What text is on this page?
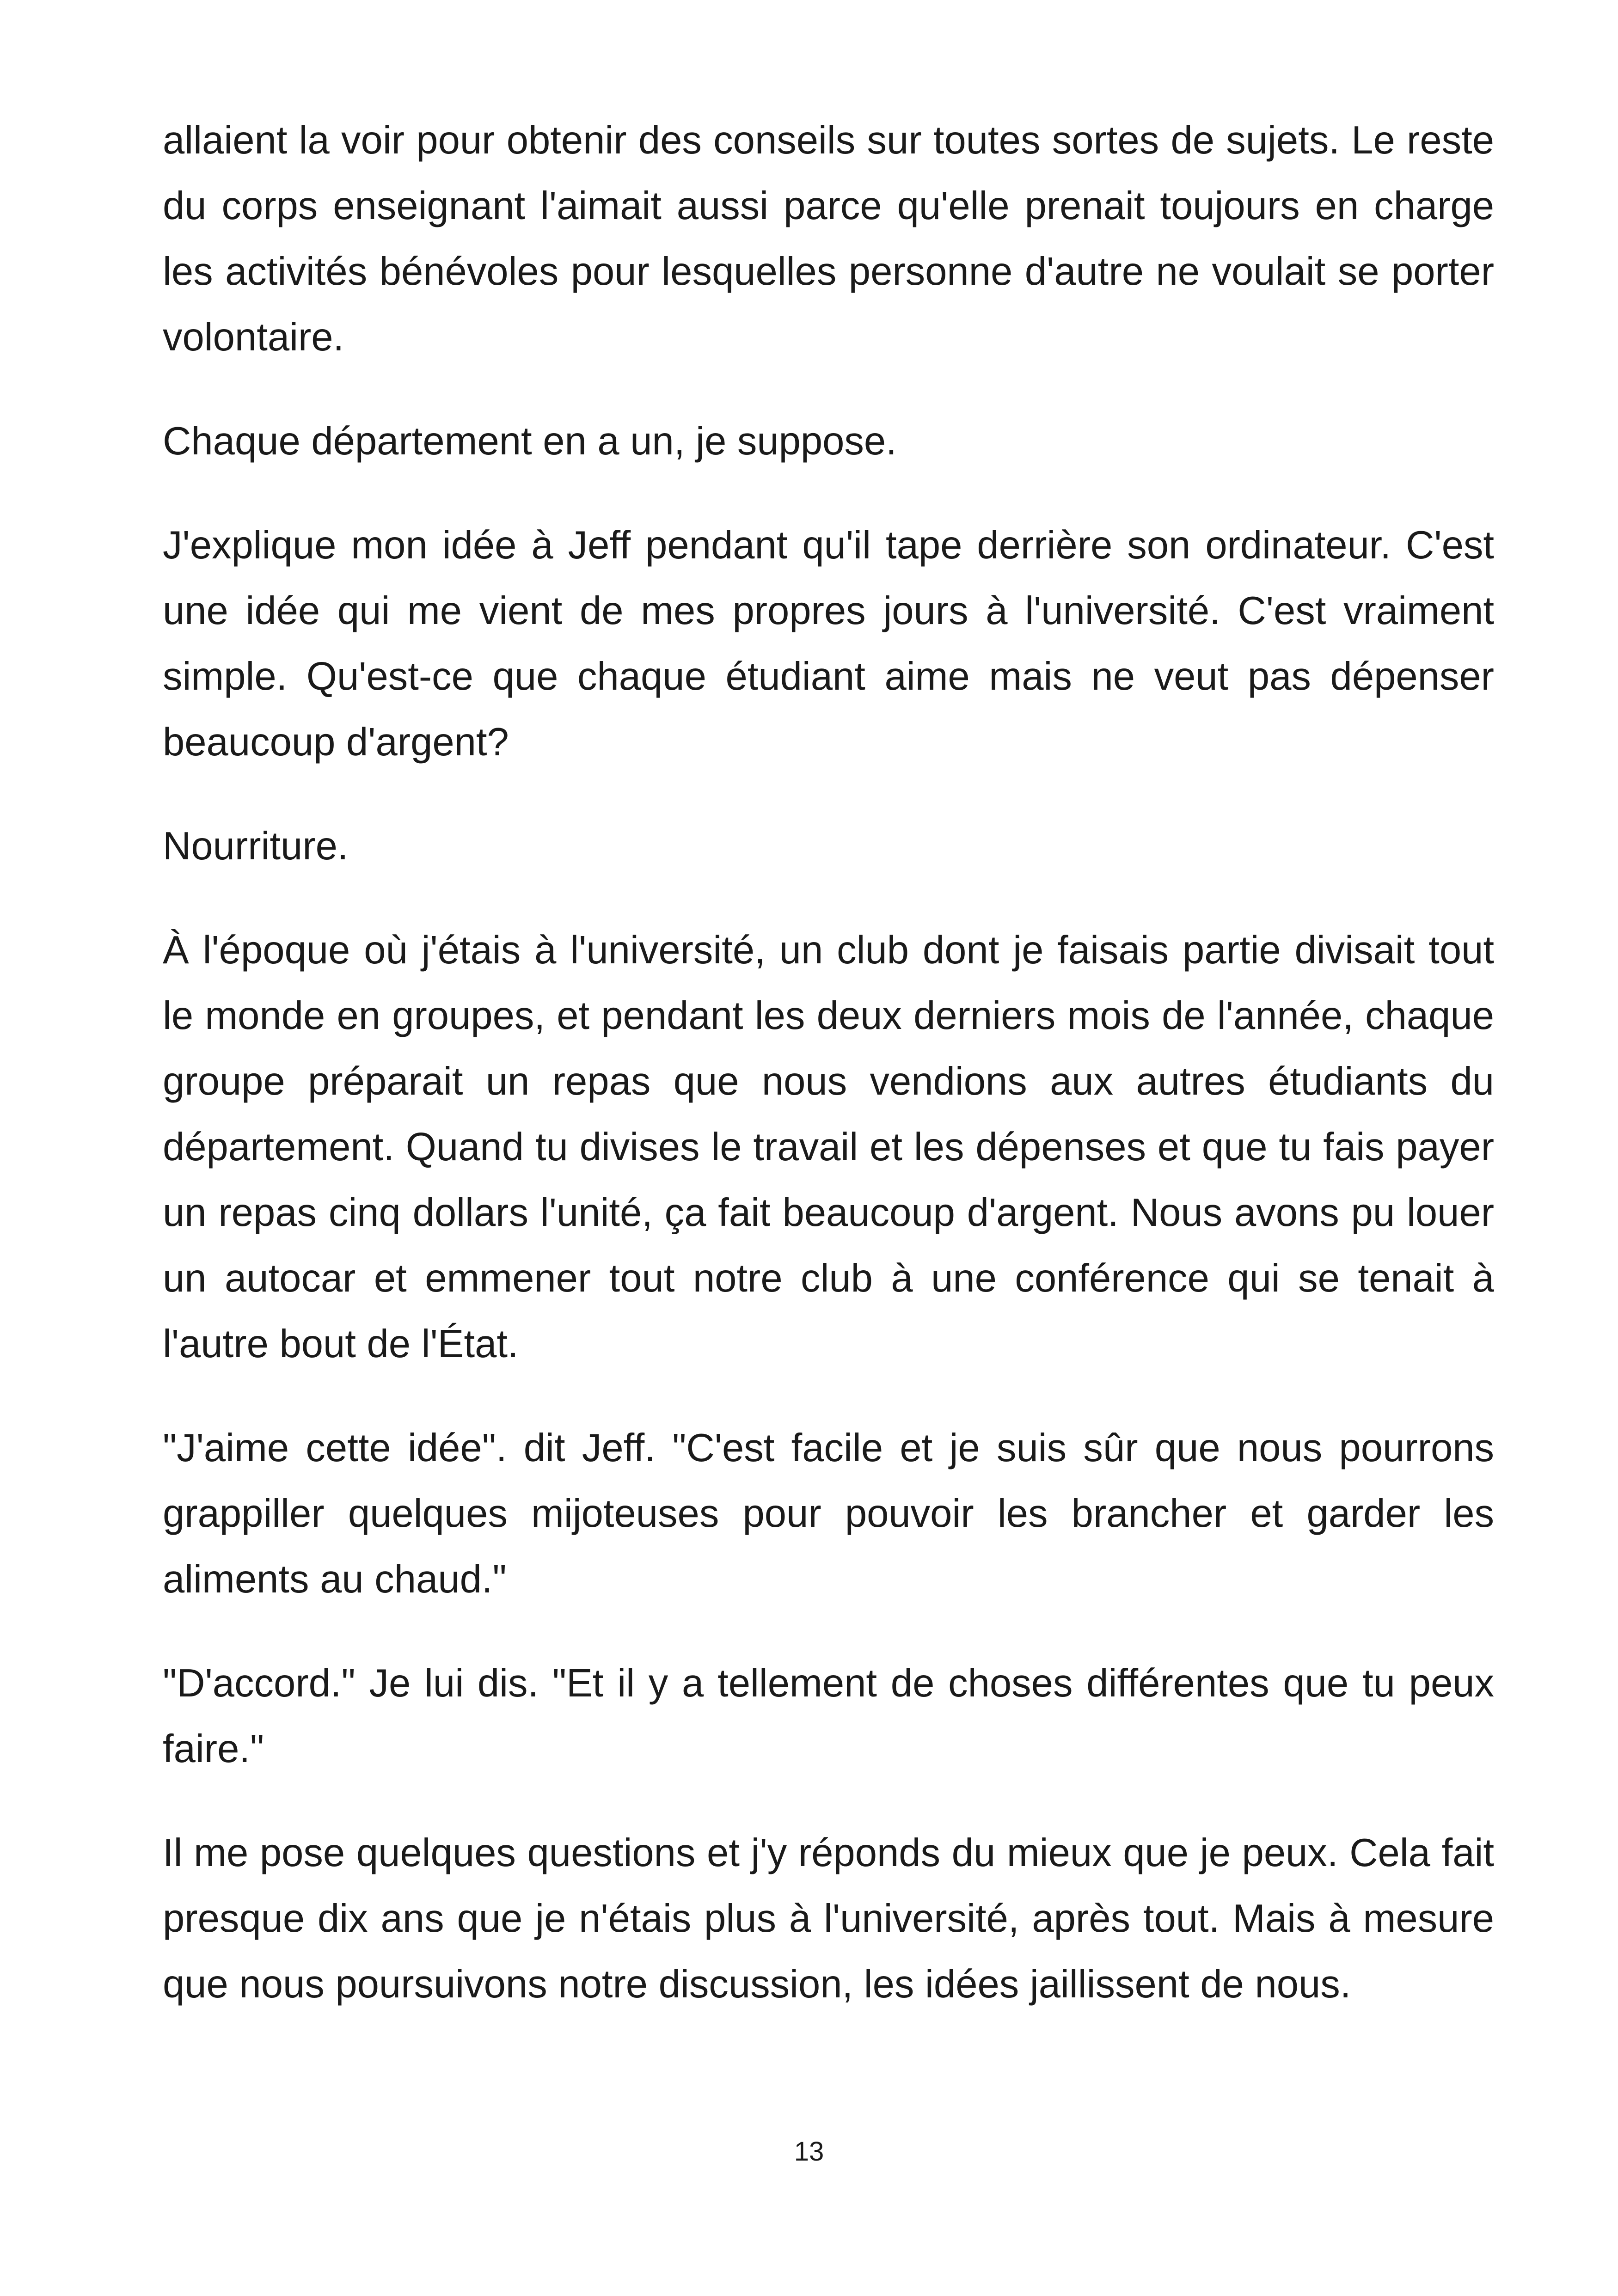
allaient la voir pour obtenir des conseils sur toutes sortes de sujets. Le reste du corps enseignant l'aimait aussi parce qu'elle prenait toujours en charge les activités bénévoles pour lesquelles personne d'autre ne voulait se porter volontaire.

Chaque département en a un, je suppose.

J'explique mon idée à Jeff pendant qu'il tape derrière son ordinateur. C'est une idée qui me vient de mes propres jours à l'université. C'est vraiment simple. Qu'est-ce que chaque étudiant aime mais ne veut pas dépenser beaucoup d'argent?

Nourriture.

À l'époque où j'étais à l'université, un club dont je faisais partie divisait tout le monde en groupes, et pendant les deux derniers mois de l'année, chaque groupe préparait un repas que nous vendions aux autres étudiants du département. Quand tu divises le travail et les dépenses et que tu fais payer un repas cinq dollars l'unité, ça fait beaucoup d'argent. Nous avons pu louer un autocar et emmener tout notre club à une conférence qui se tenait à l'autre bout de l'État.

"J'aime cette idée". dit Jeff. "C'est facile et je suis sûr que nous pourrons grappiller quelques mijoteuses pour pouvoir les brancher et garder les aliments au chaud."

"D'accord." Je lui dis. "Et il y a tellement de choses différentes que tu peux faire."

Il me pose quelques questions et j'y réponds du mieux que je peux. Cela fait presque dix ans que je n'étais plus à l'université, après tout. Mais à mesure que nous poursuivons notre discussion, les idées jaillissent de nous.

13
